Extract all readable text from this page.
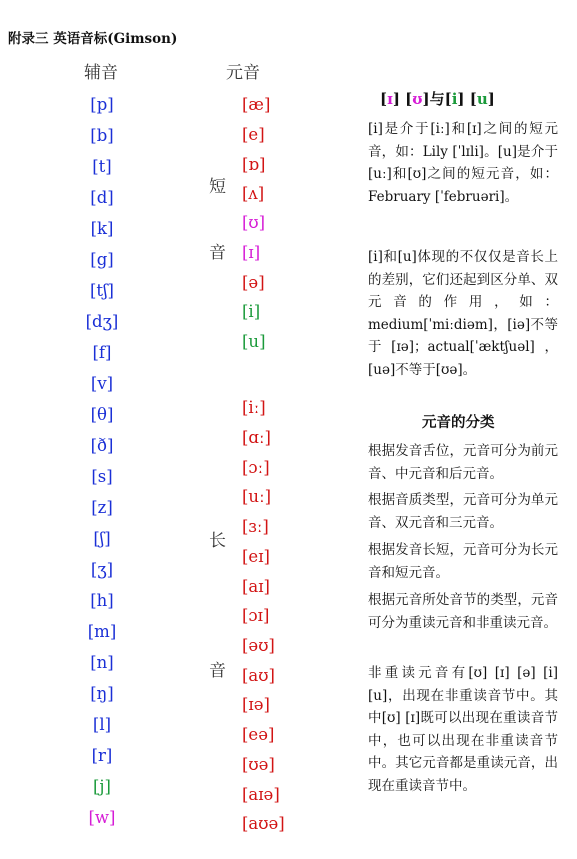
附录三 英语音标(Gimson)
辅音	元音
[p]
[b]
[t]
[d]
[k]
[g]
[tʃ]
[dʒ]
[f]
[v]
[θ]
[ð]
[s]
[z]
[ʃ]
[ʒ]
[h]
[m]
[n]
[ŋ]
[l]
[r]
[j]
[w]
短
音
[æ]
[e]
[ɒ]
[ʌ]
[ʊ]
[ɪ]
[ə]
[i]
[u]
长
音
[iː]
[ɑː]
[ɔː]
[uː]
[ɜː]
[eɪ]
[aɪ]
[ɔɪ]
[əʊ]
[aʊ]
[ɪə]
[eə]
[ʊə]
[aɪə]
[aʊə]
[ɪ] [ʊ]与[i] [u]
[i]是介于[iː]和[ɪ]之间的短元音，如：Lily [ˈlɪli]。[u]是介于[uː]和[ʊ]之间的短元音，如：February [ˈfebruəri]。
[i]和[u]体现的不仅仅是音长上的差别，它们还起到区分单、双元音的作用，如：medium[ˈmiːdiəm]，[iə]不等于[ɪə]；actual[ˈæktʃuəl]，[uə]不等于[ʊə]。
元音的分类
根据发音舌位，元音可分为前元音、中元音和后元音。
根据音质类型，元音可分为单元音、双元音和三元音。
根据发音长短，元音可分为长元音和短元音。
根据元音所处音节的类型，元音可分为重读元音和非重读元音。
非重读元音有[ʊ] [ɪ] [ə] [i] [u]，出现在非重读音节中。其中[ʊ] [ɪ]既可以出现在重读音节中，也可以出现在非重读音节中。其它元音都是重读元音，出现在重读音节中。
